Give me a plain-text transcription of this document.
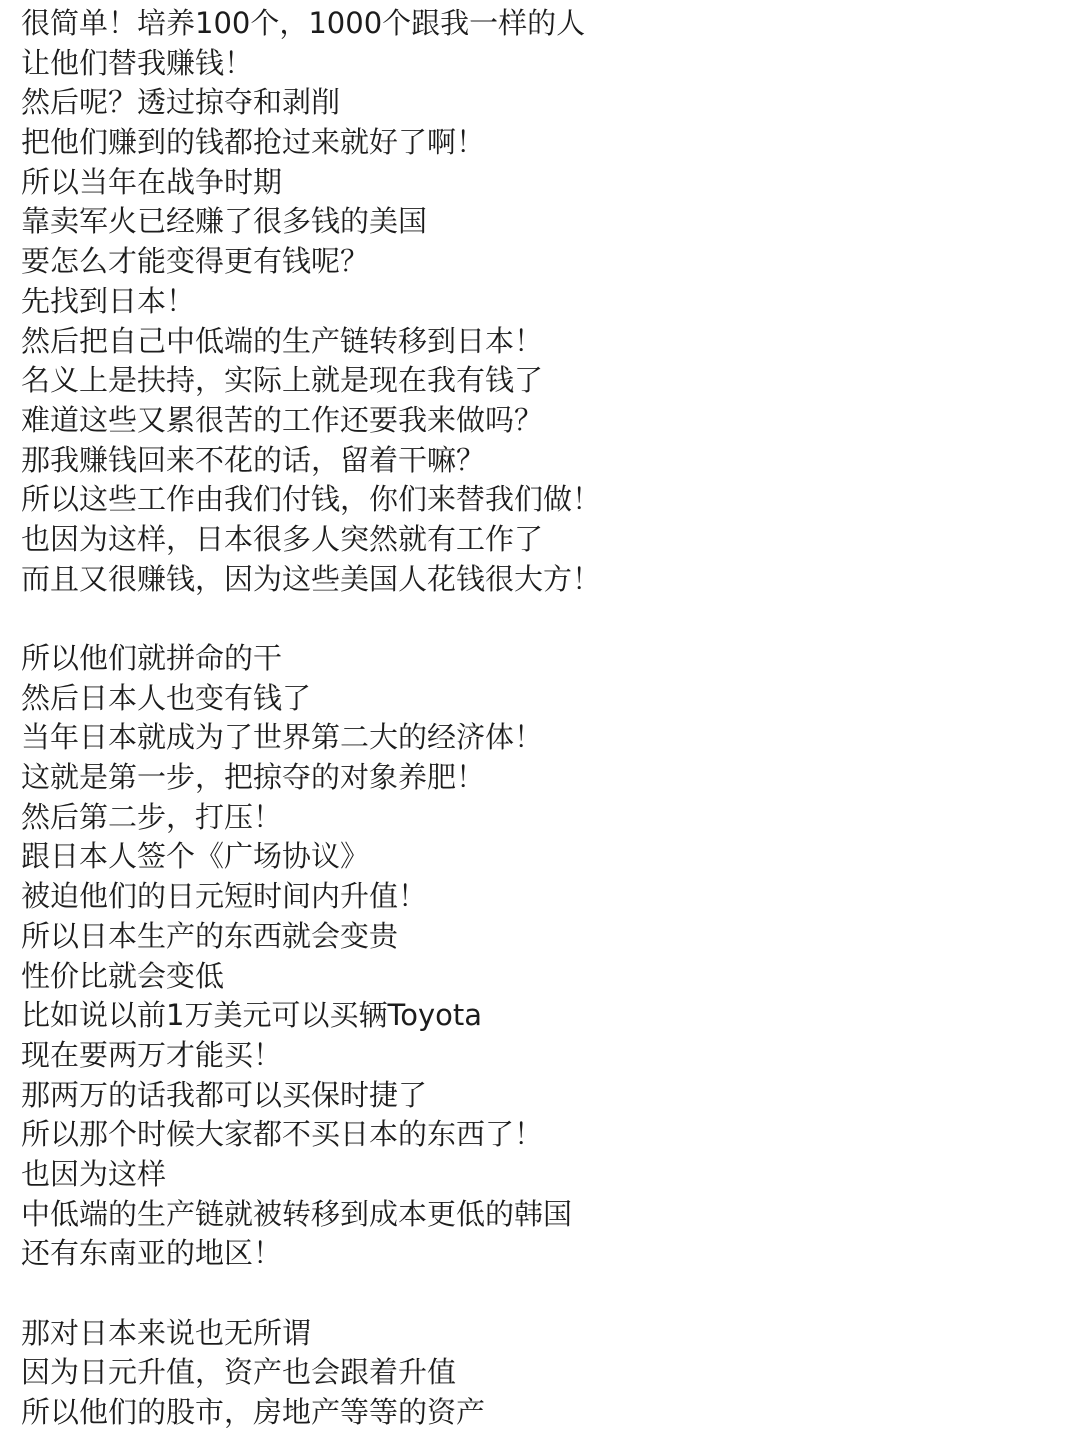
很简单！培养100个，1000个跟我一样的人
让他们替我赚钱！
然后呢？透过掠夺和剥削
把他们赚到的钱都抢过来就好了啊！
所以当年在战争时期
靠卖军火已经赚了很多钱的美国
要怎么才能变得更有钱呢？
先找到日本！
然后把自己中低端的生产链转移到日本！
名义上是扶持，实际上就是现在我有钱了
难道这些又累很苦的工作还要我来做吗？
那我赚钱回来不花的话，留着干嘛？
所以这些工作由我们付钱，你们来替我们做！
也因为这样，日本很多人突然就有工作了
而且又很赚钱，因为这些美国人花钱很大方！
所以他们就拼命的干
然后日本人也变有钱了
当年日本就成为了世界第二大的经济体！
这就是第一步，把掠夺的对象养肥！
然后第二步，打压！
跟日本人签个《广场协议》
被迫他们的日元短时间内升值！
所以日本生产的东西就会变贵
性价比就会变低
比如说以前1万美元可以买辆Toyota
现在要两万才能买！
那两万的话我都可以买保时捷了
所以那个时候大家都不买日本的东西了！
也因为这样
中低端的生产链就被转移到成本更低的韩国
还有东南亚的地区！
那对日本来说也无所谓
因为日元升值，资产也会跟着升值
所以他们的股市，房地产等等的资产
